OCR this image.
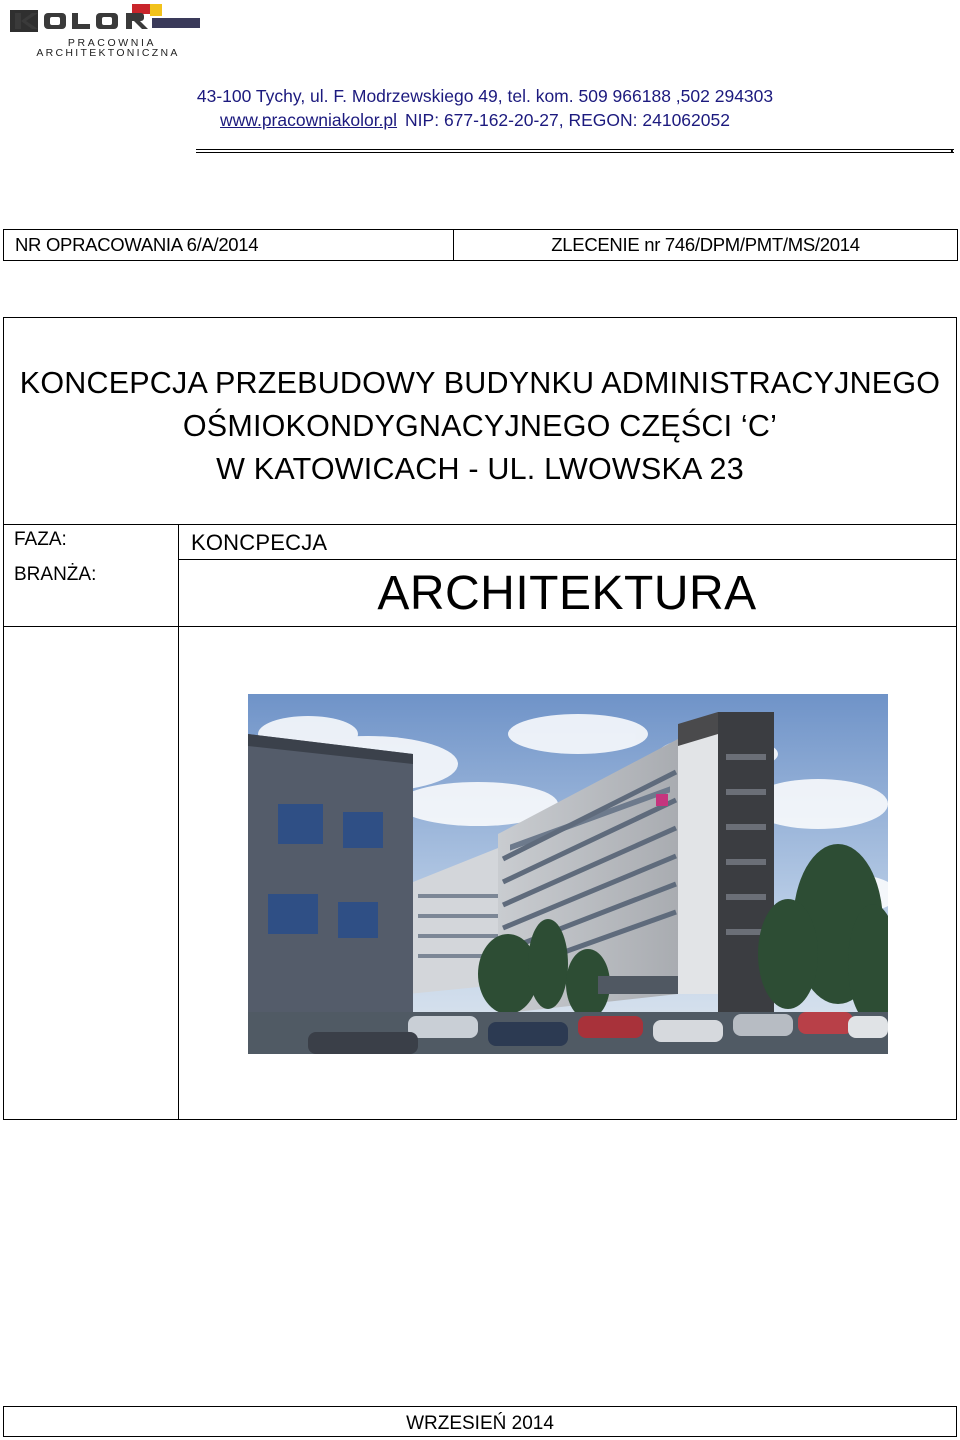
PRACOWNIA
ARCHITEKTONICZNA
43-100 Tychy, ul. F. Modrzewskiego 49, tel. kom. 509 966188 ,502 294303
www.pracowniakolor.pl NIP: 677-162-20-27, REGON: 241062052
.
NR OPRACOWANIA 6/A/2014	ZLECENIE nr 746/DPM/PMT/MS/2014
KONCEPCJA PRZEBUDOWY BUDYNKU ADMINISTRACYJNEGO
OŚMIOKONDYGNACYJNEGO CZĘŚCI ‘C’
W KATOWICACH - UL. LWOWSKA 23
FAZA:	KONCPECJA
BRANŻA:	ARCHITEKTURA
WRZESIEŃ 2014
